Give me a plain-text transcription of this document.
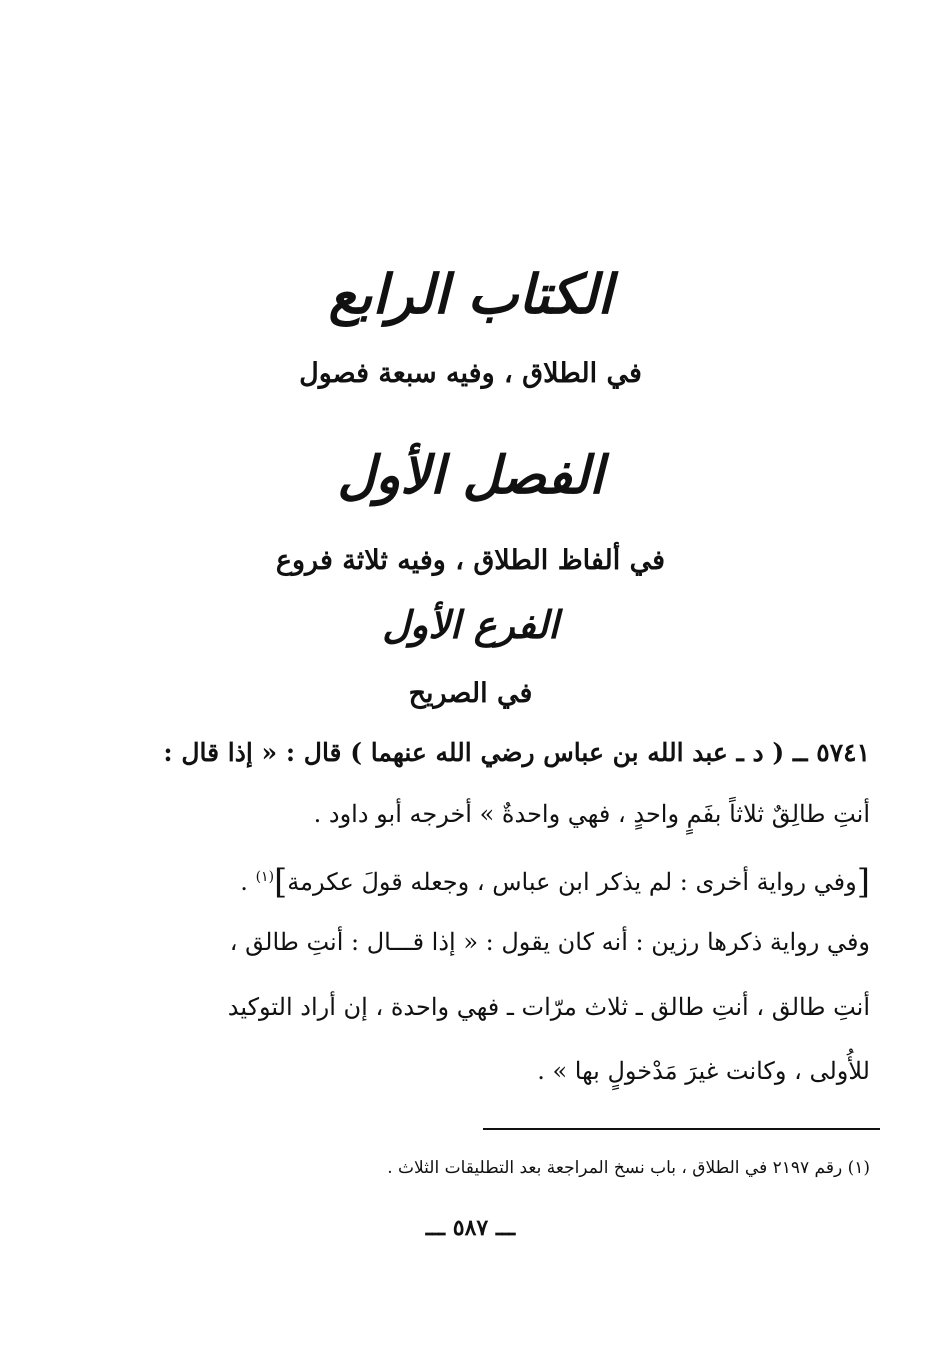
الكتاب الرابع
في الطلاق ، وفيه سبعة فصول
الفصل الأول
في ألفاظ الطلاق ، وفيه ثلاثة فروع
الفرع الأول
في الصريح
٥٧٤١ ــ ( د ـ عبد الله بن عباس رضي الله عنهما ) قال : « إذا قال :
أنتِ طالِقٌ ثلاثاً بفَمٍ واحدٍ ، فهي واحدةٌ » أخرجه أبو داود .
[وفي رواية أخرى : لم يذكر ابن عباس ، وجعله قولَ عكرمة]$^{(١)}$ .
وفي رواية ذكرها رزين : أنه كان يقول : « إذا قـــال : أنتِ طالق ،
أنتِ طالق ، أنتِ طالق ـ ثلاث مرّات ـ فهي واحدة ، إن أراد التوكيد
للأُولى ، وكانت غيرَ مَدْخولٍ بها » .
(١) رقم ٢١٩٧ في الطلاق ، باب نسخ المراجعة بعد التطليقات الثلاث .
ـــ ٥٨٧ ـــ
